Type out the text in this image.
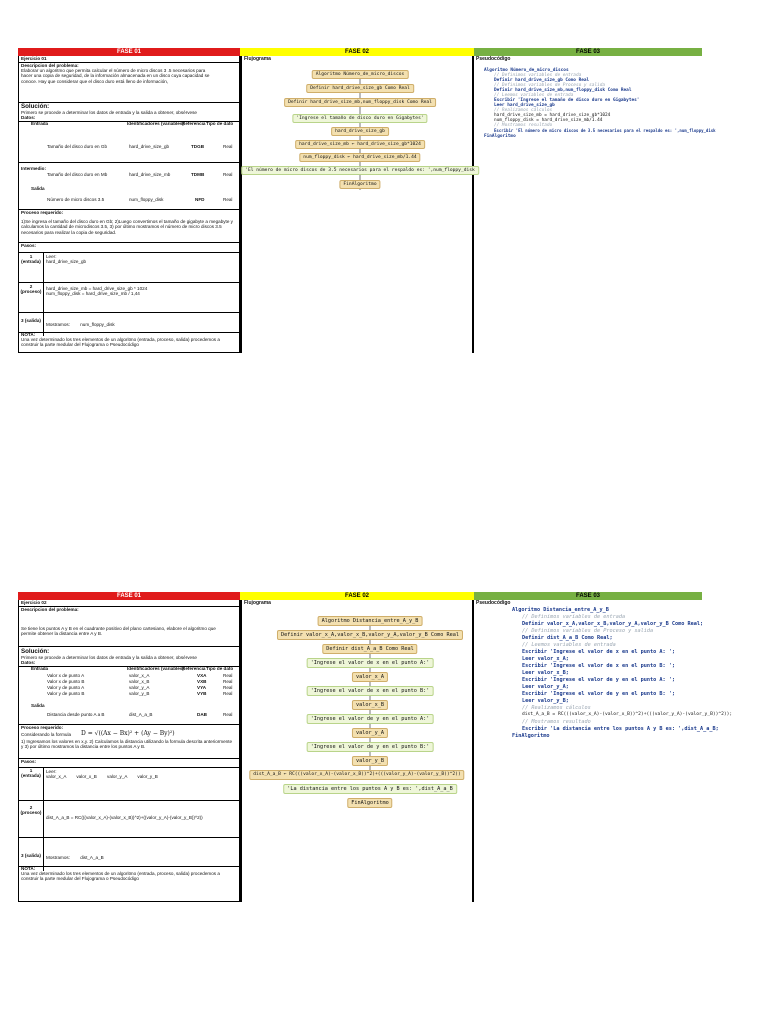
FASE 01	FASE 02	FASE 03
Ejercicio 01
Descripcion del problema:
Elaborar un algoritmo que permita calcular el número de micro discos 3 .5 necesarios para hacer una copia de seguridad, de la información almacenada en un disco cuya capacidad se conoce. Hay que considerar que el disco duro está lleno de información,
Solución:
Primero se procede a determinar los datos de entrada y la salida a obtener, obsérvese
Datos:
Entrada	Identificadores (variables)
Referencia Tipo de dato
Tamaño del disco duro en Gb	hard_drive_size_gb	TDGB	Real
Intermedio:
Tamaño del disco duro en Mb	hard_drive_size_mb	TDMB	Real
Salida
Número de micro discos 3.5	num_floppy_disk	NFD	Real
Proceso requerido:
1)Se ingresa el tamaño del disco duro en Gb; 2)Luego convertimos el tamaño de gigabyte a megabyte y calculamos la cantidad de microdiscos 3.5, 3) por último mostramos el número de micro discos 3.5 necesarios para realizar la copia de seguridad.
Pasos:
1 (entrada)
Leer:
hard_drive_size_gb
2 (proceso)
hard_drive_size_mb = hard_drive_size_gb * 1024
num_floppy_disk = hard_drive_size_mb / 1,44
3 (salida)
Mostramos:        num_floppy_disk
NOTA:
Una vez determinado los tres elementos de un algoritmo (entrada, proceso, salida) procedemos a construir la parte medular del Flujograma o Pseudocódigo
Flujograma
Algoritmo Número_de_micro_discos
Definir hard_drive_size_gb Como Real
Definir hard_drive_size_mb,num_floppy_disk Como Real
'Ingrese el tamaño de disco duro en Gigabytes'
hard_drive_size_gb
hard_drive_size_mb ← hard_drive_size_gb*1024
num_floppy_disk ← hard_drive_size_mb/1.44
'El número de micro discos de 3.5 necesarios para el respaldo es: ',num_floppy_disk
FinAlgoritmo
Pseudocódigo
Algoritmo Número_de_micro_discos
// Definimos variables de entrada
Definir hard_drive_size_gb Como Real
// Definimos variables de Proceso y salida
Definir hard_drive_size_mb,num_floppy_disk Como Real
// Leemos variables de entrada
Escribir 'Ingrese el tamaño de disco duro en Gigabytes'
Leer hard_drive_size_gb
// Realizamos cálculos
hard_drive_size_mb = hard_drive_size_gb*1024
num_floppy_disk = hard_drive_size_mb/1.44
// Mostramos resultado
Escribir 'El número de micro discos de 3.5 necesarios para el respaldo es: ',num_floppy_disk
FinAlgoritmo
FASE 01	FASE 02	FASE 03
Ejercicio 02
Descripcion del problema:
Se tiene los puntos A y B en el cuadrante positivo del plano cartesiano, elabore el algoritmo que permite obtener la distancia entre A y B.
Solución:
Primero se procede a determinar los datos de entrada y la salida a obtener, obsérvese
Datos:
Entrada	Identificadores (variables)
Referencia Tipo de dato
Valor x de punto A	valor_x_A	VXA	Real
Valor x de punto B	valor_x_B	VXB	Real
Valor y de punto A	valor_y_A	VYA	Real
Valor y de punto B	valor_y_B	VYB	Real
Salida
Distancia desde punto A a B	dist_A_a_B	DAB	Real
Proceso requerido:
Considerando la formula D = √((Ax − Bx)² + (Ay − By)²)
1) Ingresamos los valores en x,y. 2) Calculamos la distancia utilizando la formula descrita anteriormente y 3) por último mostramos la distancia entre los puntos A y B.
Pasos:
1 (entrada)
Leer:
valor_x_A        valor_x_B        valor_y_A        valor_y_B
2 (proceso)
dist_A_a_B = RC(((valor_x_A)-(valor_x_B))^2)+((valor_y_A)-(valor_y_B))^2))
3 (salida) Mostramos:        dist_A_a_B
NOTA:
Una vez determinado los tres elementos de un algoritmo (entrada, proceso, salida) procedemos a construir la parte medular del Flujograma o Pseudocódigo
Flujograma
Algoritmo Distancia_entre_A_y_B
Definir valor_x_A,valor_x_B,valor_y_A,valor_y_B Como Real
Definir dist_A_a_B Como Real
'Ingrese el valor de x en el punto A:'
valor_x_A
'Ingrese el valor de x en el punto B:'
valor_x_B
'Ingrese el valor de y en el punto A:'
valor_y_A
'Ingrese el valor de y en el punto B:'
valor_y_B
dist_A_a_B ← RC(((valor_x_A)-(valor_x_B))^2)+(((valor_y_A)-(valor_y_B))^2))
'La distancia entre los puntos A y B es: ',dist_A_a_B
FinAlgoritmo
Pseudocódigo
Algoritmo Distancia_entre_A_y_B
// Definimos variables de entrada
Definir valor_x_A,valor_x_B,valor_y_A,valor_y_B Como Real;
// Definimos variables de Proceso y salida
Definir dist_A_a_B Como Real;
// Leemos variables de entrada
Escribir 'Ingrese el valor de x en el punto A: ';
Leer valor_x_A;
Escribir 'Ingrese el valor de x en el punto B: ';
Leer valor_x_B;
Escribir 'Ingrese el valor de y en el punto A: ';
Leer valor_y_A;
Escribir 'Ingrese el valor de y en el punto B: ';
Leer valor_y_B;
// Realizamos cálculos
dist_A_a_B = RC(((valor_x_A)-(valor_x_B))^2)+(((valor_y_A)-(valor_y_B))^2));
// Mostramos resultado
Escribir 'La distancia entre los puntos A y B es: ',dist_A_a_B;
FinAlgoritmo
